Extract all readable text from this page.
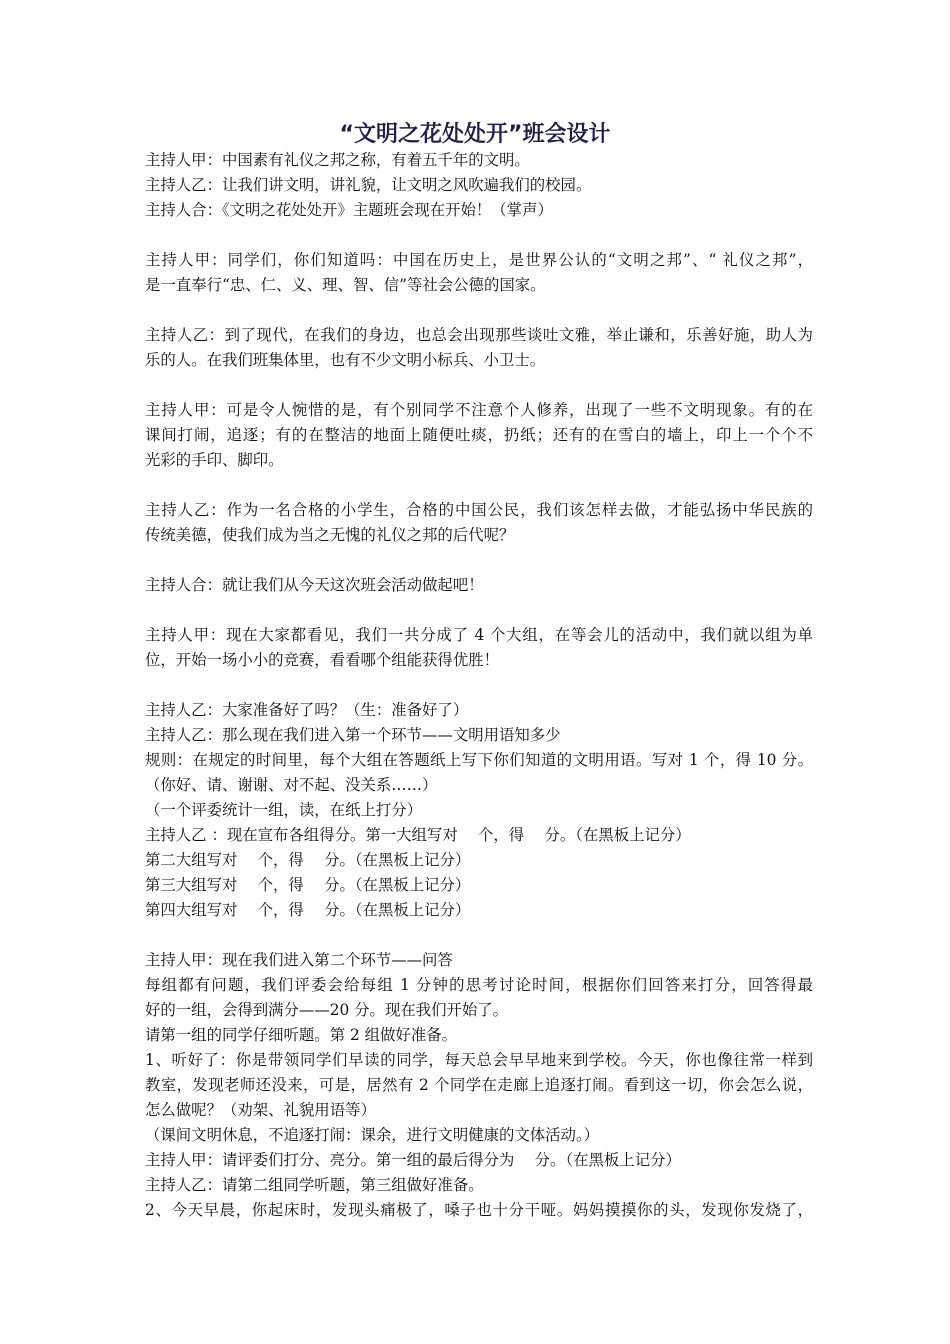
“文明之花处处开”班会设计
主持人甲：中国素有礼仪之邦之称，有着五千年的文明。
主持人乙：让我们讲文明，讲礼貌，让文明之风吹遍我们的校园。
主持人合：《文明之花处处开》主题班会现在开始！（掌声）
主持人甲：同学们，你们知道吗：中国在历史上，是世界公认的“文明之邦”、“ 礼仪之邦”，
是一直奉行“忠、仁、义、理、智、信”等社会公德的国家。
主持人乙：到了现代，在我们的身边，也总会出现那些谈吐文雅，举止谦和，乐善好施，助人为
乐的人。在我们班集体里，也有不少文明小标兵、小卫士。
主持人甲：可是令人惋惜的是，有个别同学不注意个人修养，出现了一些不文明现象。有的在
课间打闹，追逐；有的在整洁的地面上随便吐痰，扔纸；还有的在雪白的墙上，印上一个个不
光彩的手印、脚印。
主持人乙：作为一名合格的小学生，合格的中国公民，我们该怎样去做，才能弘扬中华民族的
传统美德，使我们成为当之无愧的礼仪之邦的后代呢？
主持人合：就让我们从今天这次班会活动做起吧！
主持人甲：现在大家都看见，我们一共分成了 4 个大组，在等会儿的活动中，我们就以组为单
位，开始一场小小的竞赛，看看哪个组能获得优胜！
主持人乙：大家准备好了吗？（生：准备好了）
主持人乙：那么现在我们进入第一个环节——文明用语知多少
规则：在规定的时间里，每个大组在答题纸上写下你们知道的文明用语。写对 1 个，得 10 分。
（你好、请、谢谢、对不起、没关系……）
（一个评委统计一组，读，在纸上打分）
主持人乙 ：现在宣布各组得分。第一大组写对　 个，得　 分。（在黑板上记分）
第二大组写对　 个，得　 分。（在黑板上记分）
第三大组写对　 个，得　 分。（在黑板上记分）
第四大组写对　 个，得　 分。（在黑板上记分）
主持人甲：现在我们进入第二个环节——问答
每组都有问题，我们评委会给每组 1 分钟的思考讨论时间，根据你们回答来打分，回答得最
好的一组，会得到满分——20 分。现在我们开始了。
请第一组的同学仔细听题。第 2 组做好准备。
1、听好了：你是带领同学们早读的同学，每天总会早早地来到学校。今天，你也像往常一样到
教室，发现老师还没来，可是，居然有 2 个同学在走廊上追逐打闹。看到这一切，你会怎么说，
怎么做呢？（劝架、礼貌用语等）
（课间文明休息，不追逐打闹：课余，进行文明健康的文体活动。）
主持人甲：请评委们打分、亮分。第一组的最后得分为　 分。（在黑板上记分）
主持人乙：请第二组同学听题，第三组做好准备。
2、今天早晨，你起床时，发现头痛极了，嗓子也十分干哑。妈妈摸摸你的头，发现你发烧了，
